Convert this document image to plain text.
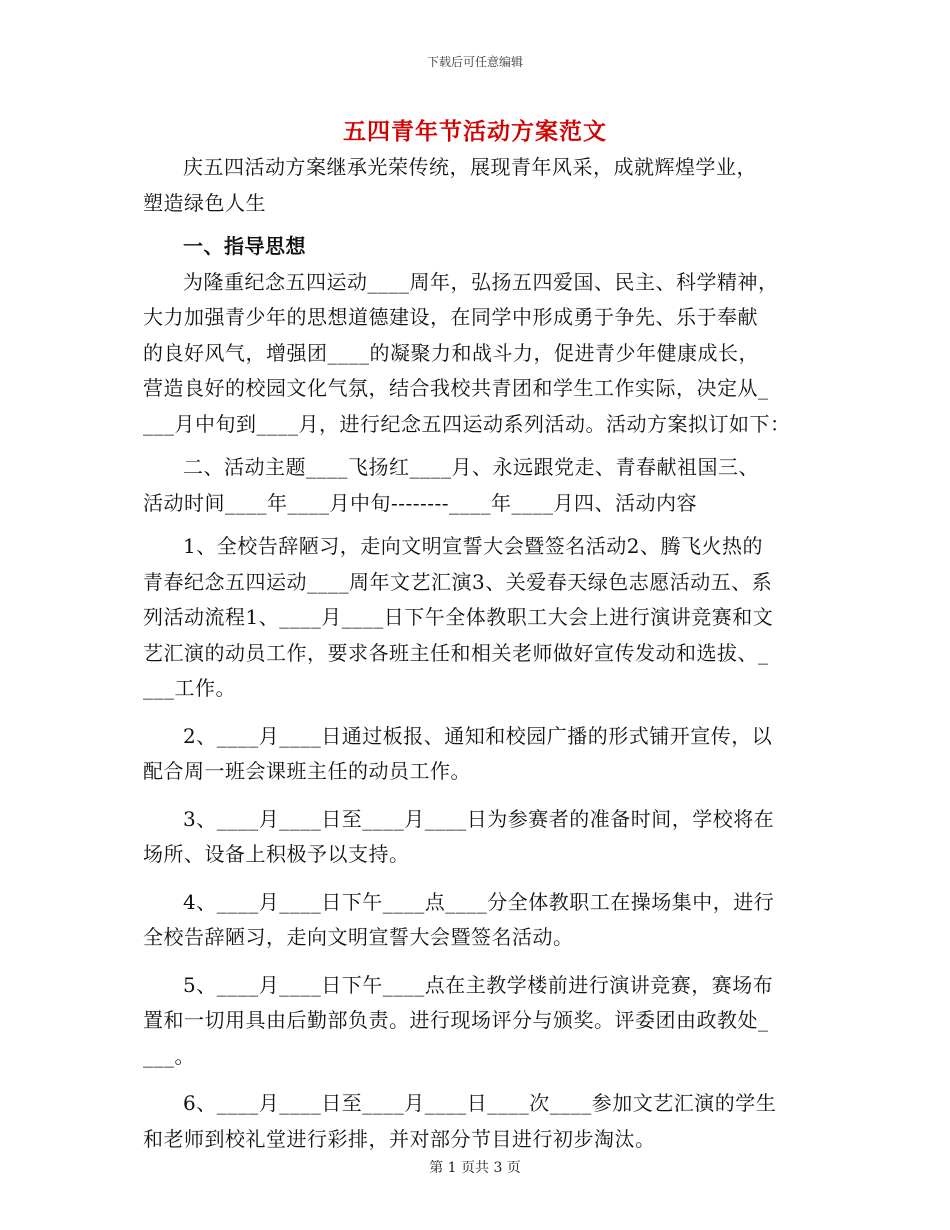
下载后可任意编辑
五四青年节活动方案范文
庆五四活动方案继承光荣传统，展现青年风采，成就辉煌学业，
塑造绿色人生
一、指导思想
为隆重纪念五四运动____周年，弘扬五四爱国、民主、科学精神，
大力加强青少年的思想道德建设，在同学中形成勇于争先、乐于奉献
的良好风气，增强团____的凝聚力和战斗力，促进青少年健康成长，
营造良好的校园文化气氛，结合我校共青团和学生工作实际，决定从_
___月中旬到____月，进行纪念五四运动系列活动。活动方案拟订如下：
二、活动主题____飞扬红____月、永远跟党走、青春献祖国三、
活动时间____年____月中旬--------____年____月四、活动内容
1、全校告辞陋习，走向文明宣誓大会暨签名活动2、腾飞火热的
青春纪念五四运动____周年文艺汇演3、关爱春天绿色志愿活动五、系
列活动流程1、____月____日下午全体教职工大会上进行演讲竞赛和文
艺汇演的动员工作，要求各班主任和相关老师做好宣传发动和选拔、_
___工作。
2、____月____日通过板报、通知和校园广播的形式铺开宣传，以
配合周一班会课班主任的动员工作。
3、____月____日至____月____日为参赛者的准备时间，学校将在
场所、设备上积极予以支持。
4、____月____日下午____点____分全体教职工在操场集中，进行
全校告辞陋习，走向文明宣誓大会暨签名活动。
5、____月____日下午____点在主教学楼前进行演讲竞赛，赛场布
置和一切用具由后勤部负责。进行现场评分与颁奖。评委团由政教处_
___。
6、____月____日至____月____日____次____参加文艺汇演的学生
和老师到校礼堂进行彩排，并对部分节目进行初步淘汰。
第 1 页共 3 页
